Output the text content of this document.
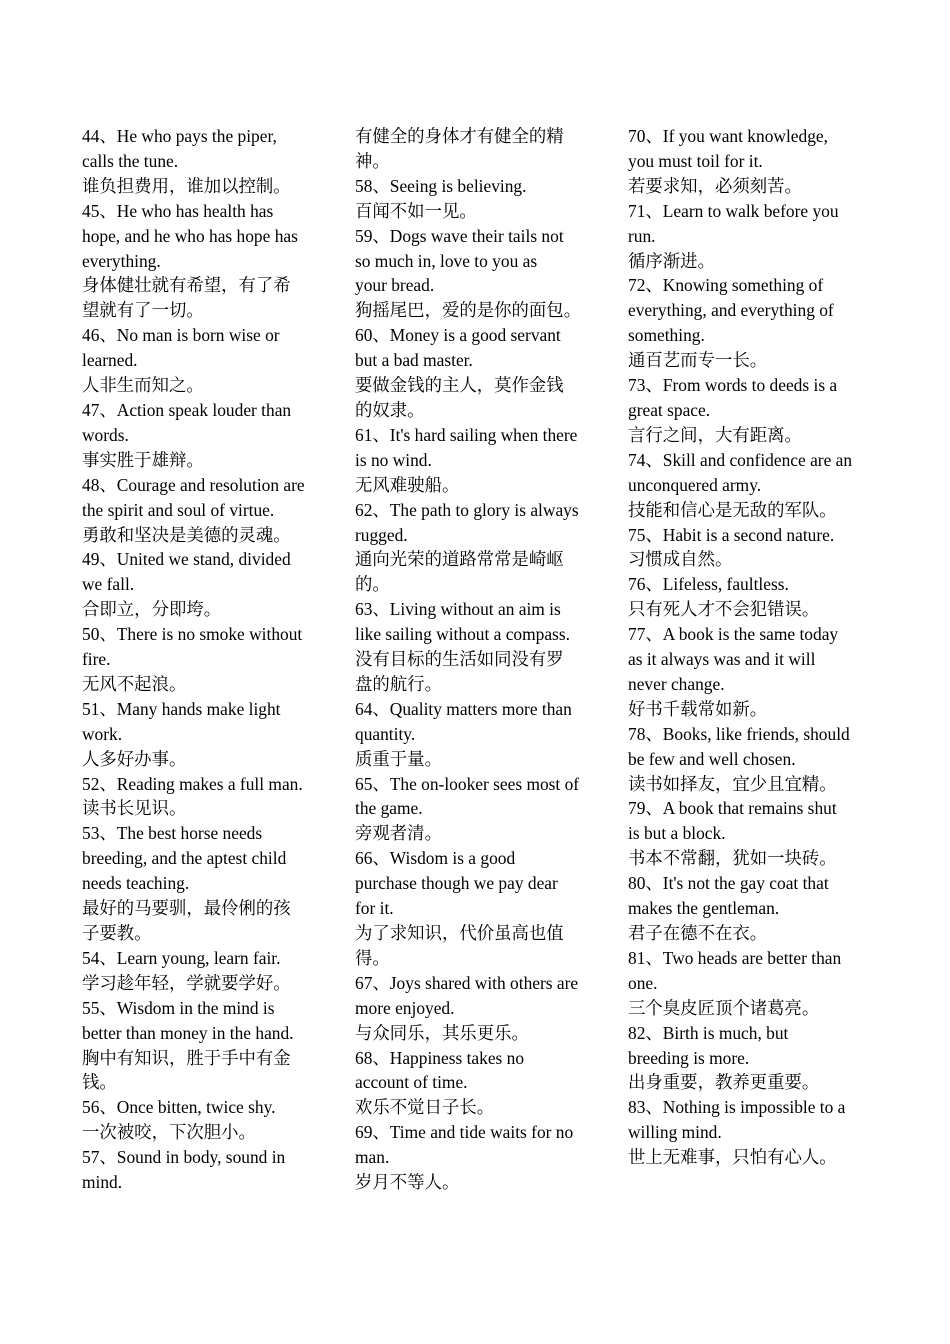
44、He who pays the piper,
calls the tune.
谁负担费用，谁加以控制。
45、He who has health has
hope, and he who has hope has
everything.
身体健壮就有希望，有了希
望就有了一切。
46、No man is born wise or
learned.
人非生而知之。
47、Action speak louder than
words.
事实胜于雄辩。
48、Courage and resolution are
the spirit and soul of virtue.
勇敢和坚决是美德的灵魂。
49、United we stand, divided
we fall.
合即立，分即垮。
50、There is no smoke without
fire.
无风不起浪。
51、Many hands make light
work.
人多好办事。
52、Reading makes a full man.
读书长见识。
53、The best horse needs
breeding, and the aptest child
needs teaching.
最好的马要驯，最伶俐的孩
子要教。
54、Learn young, learn fair.
学习趁年轻，学就要学好。
55、Wisdom in the mind is
better than money in the hand.
胸中有知识，胜于手中有金
钱。
56、Once bitten, twice shy.
一次被咬，下次胆小。
57、Sound in body, sound in
mind.
有健全的身体才有健全的精
神。
58、Seeing is believing.
百闻不如一见。
59、Dogs wave their tails not
so much in, love to you as
your bread.
狗摇尾巴，爱的是你的面包。
60、Money is a good servant
but a bad master.
要做金钱的主人，莫作金钱
的奴隶。
61、It's hard sailing when there
is no wind.
无风难驶船。
62、The path to glory is always
rugged.
通向光荣的道路常常是崎岖
的。
63、Living without an aim is
like sailing without a compass.
没有目标的生活如同没有罗
盘的航行。
64、Quality matters more than
quantity.
质重于量。
65、The on-looker sees most of
the game.
旁观者清。
66、Wisdom is a good
purchase though we pay dear
for it.
为了求知识，代价虽高也值
得。
67、Joys shared with others are
more enjoyed.
与众同乐，其乐更乐。
68、Happiness takes no
account of time.
欢乐不觉日子长。
69、Time and tide waits for no
man.
岁月不等人。
70、If you want knowledge,
you must toil for it.
若要求知，必须刻苦。
71、Learn to walk before you
run.
循序渐进。
72、Knowing something of
everything, and everything of
something.
通百艺而专一长。
73、From words to deeds is a
great space.
言行之间，大有距离。
74、Skill and confidence are an
unconquered army.
技能和信心是无敌的军队。
75、Habit is a second nature.
习惯成自然。
76、Lifeless, faultless.
只有死人才不会犯错误。
77、A book is the same today
as it always was and it will
never change.
好书千载常如新。
78、Books, like friends, should
be few and well chosen.
读书如择友，宜少且宜精。
79、A book that remains shut
is but a block.
书本不常翻，犹如一块砖。
80、It's not the gay coat that
makes the gentleman.
君子在德不在衣。
81、Two heads are better than
one.
三个臭皮匠顶个诸葛亮。
82、Birth is much, but
breeding is more.
出身重要，教养更重要。
83、Nothing is impossible to a
willing mind.
世上无难事，只怕有心人。
